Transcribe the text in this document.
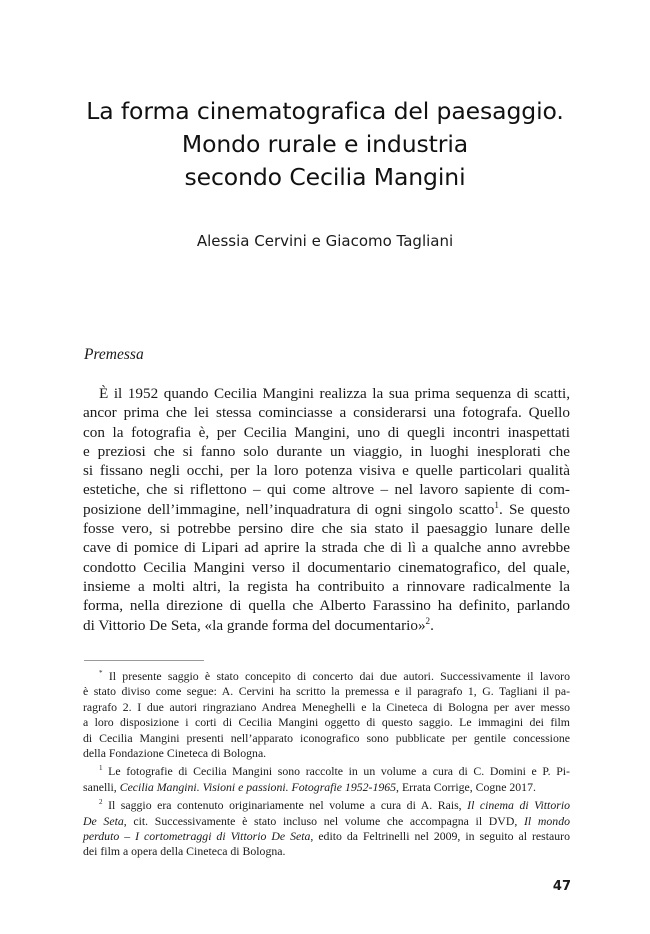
La forma cinematografica del paesaggio.
Mondo rurale e industria
secondo Cecilia Mangini
Alessia Cervini e Giacomo Tagliani
Premessa
È il 1952 quando Cecilia Mangini realizza la sua prima sequenza di scatti,
ancor prima che lei stessa cominciasse a considerarsi una fotografa. Quello
con la fotografia è, per Cecilia Mangini, uno di quegli incontri inaspettati
e preziosi che si fanno solo durante un viaggio, in luoghi inesplorati che
si fissano negli occhi, per la loro potenza visiva e quelle particolari qualità
estetiche, che si riflettono – qui come altrove – nel lavoro sapiente di com-
posizione dell’immagine, nell’inquadratura di ogni singolo scatto$^1$. Se questo
fosse vero, si potrebbe persino dire che sia stato il paesaggio lunare delle
cave di pomice di Lipari ad aprire la strada che di lì a qualche anno avrebbe
condotto Cecilia Mangini verso il documentario cinematografico, del quale,
insieme a molti altri, la regista ha contribuito a rinnovare radicalmente la
forma, nella direzione di quella che Alberto Farassino ha definito, parlando
di Vittorio De Seta, «la grande forma del documentario»$^2$.
* Il presente saggio è stato concepito di concerto dai due autori. Successivamente il lavoro
è stato diviso come segue: A. Cervini ha scritto la premessa e il paragrafo 1, G. Tagliani il pa-
ragrafo 2. I due autori ringraziano Andrea Meneghelli e la Cineteca di Bologna per aver messo
a loro disposizione i corti di Cecilia Mangini oggetto di questo saggio. Le immagini dei film
di Cecilia Mangini presenti nell’apparato iconografico sono pubblicate per gentile concessione
della Fondazione Cineteca di Bologna.
$^1$ Le fotografie di Cecilia Mangini sono raccolte in un volume a cura di C. Domini e P. Pi-
sanelli, Cecilia Mangini. Visioni e passioni. Fotografie 1952-1965, Errata Corrige, Cogne 2017.
$^2$ Il saggio era contenuto originariamente nel volume a cura di A. Rais, Il cinema di Vittorio
De Seta, cit. Successivamente è stato incluso nel volume che accompagna il DVD, Il mondo
perduto – I cortometraggi di Vittorio De Seta, edito da Feltrinelli nel 2009, in seguito al restauro
dei film a opera della Cineteca di Bologna.
47
